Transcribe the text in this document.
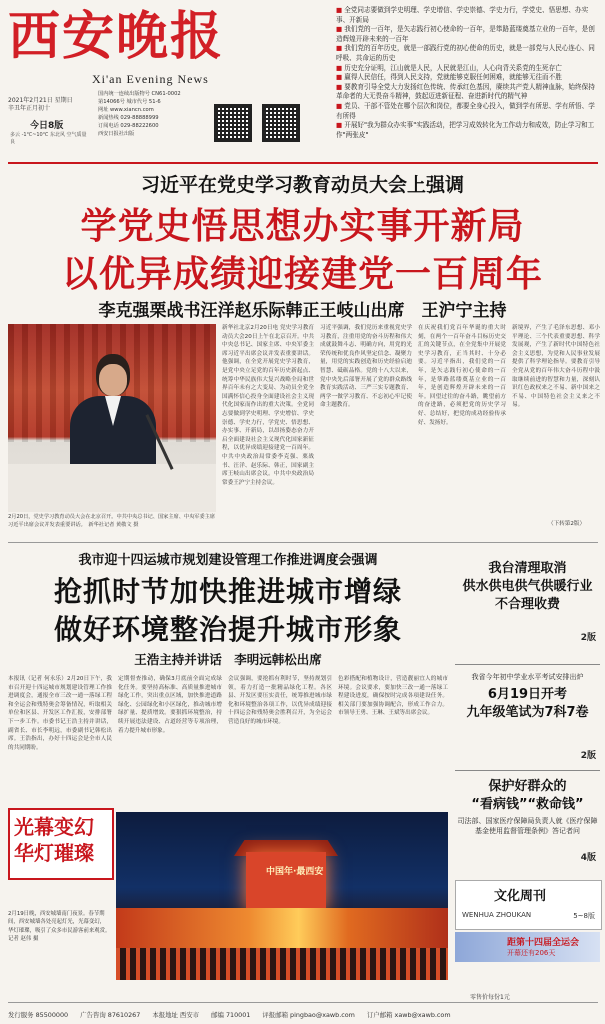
西安晚报
Xi'an Evening News
2021年2月21日 星期日
辛丑年正月初十
今日8版
多云 -1℃~10℃ 东北风 空气质量 良
国内统一连续出版物号 CN61-0002
第14066号 城市代号 51-6
网址 www.xiancn.com
新闻热线 029-88888999
订阅电话 029-88222600
西安日报社出版
■ 全党同志要做到学史明理、学史增信、学史崇德、学史力行，学党史、悟思想、办实事、开新局
■ 我们党的一百年，是矢志践行初心使命的一百年，是筚路蓝缕奠基立业的一百年，是创造辉煌开辟未来的一百年
■ 我们党的百年历史，就是一部践行党的初心使命的历史，就是一部党与人民心连心、同呼吸、共命运的历史
■ 历史充分证明，江山就是人民，人民就是江山，人心向背关系党的生死存亡
■ 赢得人民信任，得到人民支持，党就能够克服任何困难，就能够无往而不胜
■ 要教育引导全党大力发扬红色传统、传承红色基因，赓续共产党人精神血脉，始终保持革命者的大无畏奋斗精神，鼓起迈进新征程、奋进新时代的精气神
■ 党员、干部不管处在哪个层次和岗位，都要全身心投入，做到学有所思、学有所悟、学有所得
■ 开展好"我为群众办实事"实践活动，把学习成效转化为工作动力和成效，防止学习和工作"两张皮"
习近平在党史学习教育动员大会上强调
学党史悟思想办实事开新局
以优异成绩迎接建党一百周年
李克强栗战书汪洋赵乐际韩正王岐山出席　王沪宁主持
2月20日，党史学习教育动员大会在北京召开。中共中央总书记、国家主席、中央军委主席习近平出席会议并发表重要讲话。　新华社记者 黄敬文 摄
新华社北京2月20日电 党史学习教育动员大会20日上午在北京召开。中共中央总书记、国家主席、中央军委主席习近平出席会议并发表重要讲话。他强调，在全党开展党史学习教育，是党中央立足党的百年历史新起点、统筹中华民族伟大复兴战略全局和世界百年未有之大变局、为动员全党全国满怀信心投身全面建设社会主义现代化国家而作出的重大决策。全党同志要做到学史明理、学史增信、学史崇德、学史力行，学党史、悟思想、办实事、开新局，以昂扬姿态奋力开启全面建设社会主义现代化国家新征程，以优异成绩迎接建党一百周年。中共中央政治局常委李克强、栗战书、汪洋、赵乐际、韩正，国家副主席王岐山出席会议。中共中央政治局常委王沪宁主持会议。
习近平强调，我们党历来重视党史学习教育，注重用党的奋斗历程和伟大成就鼓舞斗志、明确方向，用党的光荣传统和优良作风坚定信念、凝聚力量，用党的实践创造和历史经验启迪智慧、砥砺品格。党的十八大以来，党中央先后部署开展了党的群众路线教育实践活动、三严三实专题教育、两学一做学习教育、不忘初心牢记使命主题教育。
在庆祝我们党百年华诞的重大时刻，在两个一百年奋斗目标历史交汇的关键节点，在全党集中开展党史学习教育，正当其时、十分必要。习近平指出，我们党的一百年，是矢志践行初心使命的一百年，是筚路蓝缕奠基立业的一百年，是创造辉煌开辟未来的一百年。回望过往的奋斗路，眺望前方的奋进路，必须把党的历史学习好、总结好，把党的成功经验传承好、发扬好。
新境界，产生了毛泽东思想、邓小平理论、三个代表重要思想、科学发展观，产生了新时代中国特色社会主义思想，为党和人民事业发展提供了科学理论指导。要教育引导全党从党的百年伟大奋斗历程中汲取继续前进的智慧和力量，深刻认识红色政权来之不易、新中国来之不易、中国特色社会主义来之不易。
（下转第2版）
我市迎十四运城市规划建设管理工作推进调度会强调
抢抓时节加快推进城市增绿
做好环境整治提升城市形象
王浩主持并讲话　李明远韩松出席
本报讯（记者 何永乐）2月20日下午，我市召开迎十四运城市规划建设管理工作推进调度会，通报全市三改一通一落绿工程和全运会和残特奥会筹备情况，听取相关单位和区县、开发区工作汇报，安排部署下一步工作。市委书记王浩主持并讲话，副省长、市长李明远，市委副书记韩松出席。王浩指出，办好十四运会是全市人民的共同期盼。
定期督查推动，确保3月底前全面完成绿化任务。要坚持高标准、高质量推进城市绿化工作，突出重点区域，加快推进道路绿化、公园绿化和小区绿化，推动城市增绿扩量、提质增效。要狠抓环境整治，持续开展违法建设、占道经营等专项治理，着力提升城市形象。
会议强调，要抢抓有利时节，坚持规划引领，着力打造一批精品绿化工程。各区县、开发区要压实责任，统筹推进城市绿化和环境整治各项工作，以优异成绩迎接十四运会和残特奥会胜利召开，为全运会营造良好的城市环境。
色彩搭配和植物设计，营造靓丽宜人的城市环境。会议要求，要加快三改一通一落绿工程建设进度，确保按时完成各项建设任务。相关部门要加强协调配合，形成工作合力。市领导王勇、王琳、王斌等出席会议。
我台清理取消
供水供电供气供暖行业
不合理收费
2版
我省今年初中学业水平考试安排出炉
6月19日开考
九年级笔试为7科7卷
2版
保护好群众的
“看病钱”“救命钱”
司法部、国家医疗保障局负责人就《医疗保障基金使用监督管理条例》答记者问
4版
光幕变幻
华灯璀璨
2月19日晚，西安城墙南门夜景。春节期间，西安城墙各处亮起灯光，光幕变幻，华灯璀璨，吸引了众多市民游客前来观赏。　记者 赵伟 摄
中国年·最西安
文化周刊
WENHUA ZHOUKAN	5~8版
距第十四届全运会
开幕还有206天
发行服务 85500000 广告咨询 87610267 本报地址 西安市 邮编 710001 评报邮箱 pingbao@xawb.com 订户邮箱 xawb@xawb.com
零售价每份1元
